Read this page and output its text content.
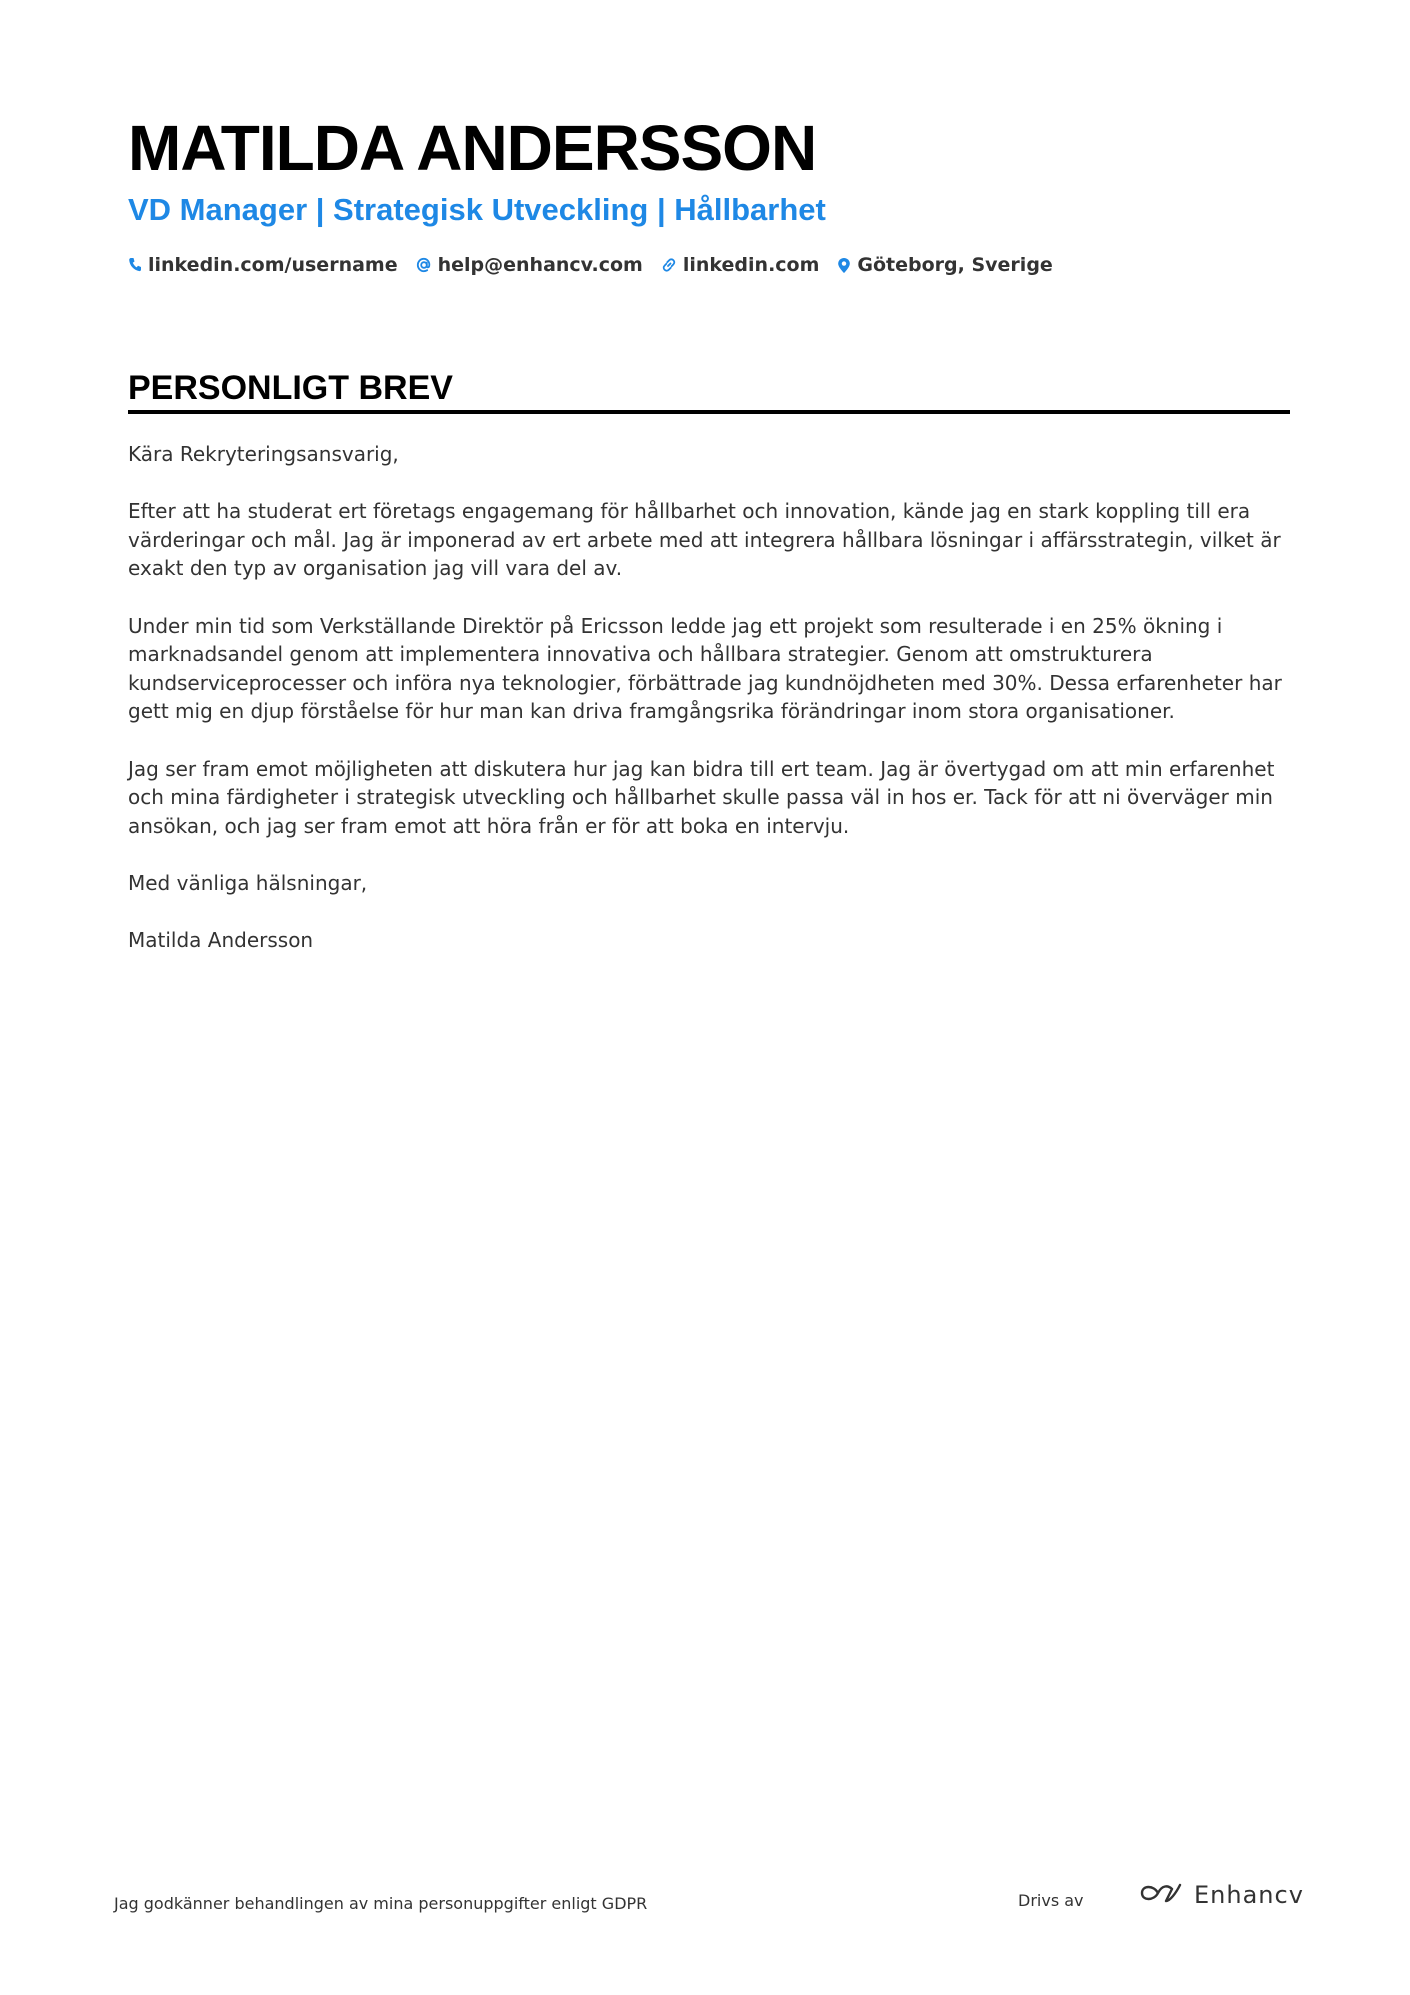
MATILDA ANDERSSON
VD Manager | Strategisk Utveckling | Hållbarhet
linkedin.com/username help@enhancv.com linkedin.com Göteborg, Sverige
PERSONLIGT BREV

Kära Rekryteringsansvarig,

Efter att ha studerat ert företags engagemang för hållbarhet och innovation, kände jag en stark koppling till era värderingar och mål. Jag är imponerad av ert arbete med att integrera hållbara lösningar i affärsstrategin, vilket är exakt den typ av organisation jag vill vara del av.

Under min tid som Verkställande Direktör på Ericsson ledde jag ett projekt som resulterade i en 25% ökning i marknadsandel genom att implementera innovativa och hållbara strategier. Genom att omstrukturera kundserviceprocesser och införa nya teknologier, förbättrade jag kundnöjdheten med 30%. Dessa erfarenheter har gett mig en djup förståelse för hur man kan driva framgångsrika förändringar inom stora organisationer.

Jag ser fram emot möjligheten att diskutera hur jag kan bidra till ert team. Jag är övertygad om att min erfarenhet och mina färdigheter i strategisk utveckling och hållbarhet skulle passa väl in hos er. Tack för att ni överväger min ansökan, och jag ser fram emot att höra från er för att boka en intervju.

Med vänliga hälsningar,

Matilda Andersson

Jag godkänner behandlingen av mina personuppgifter enligt GDPR	Drivs av	Enhancv
